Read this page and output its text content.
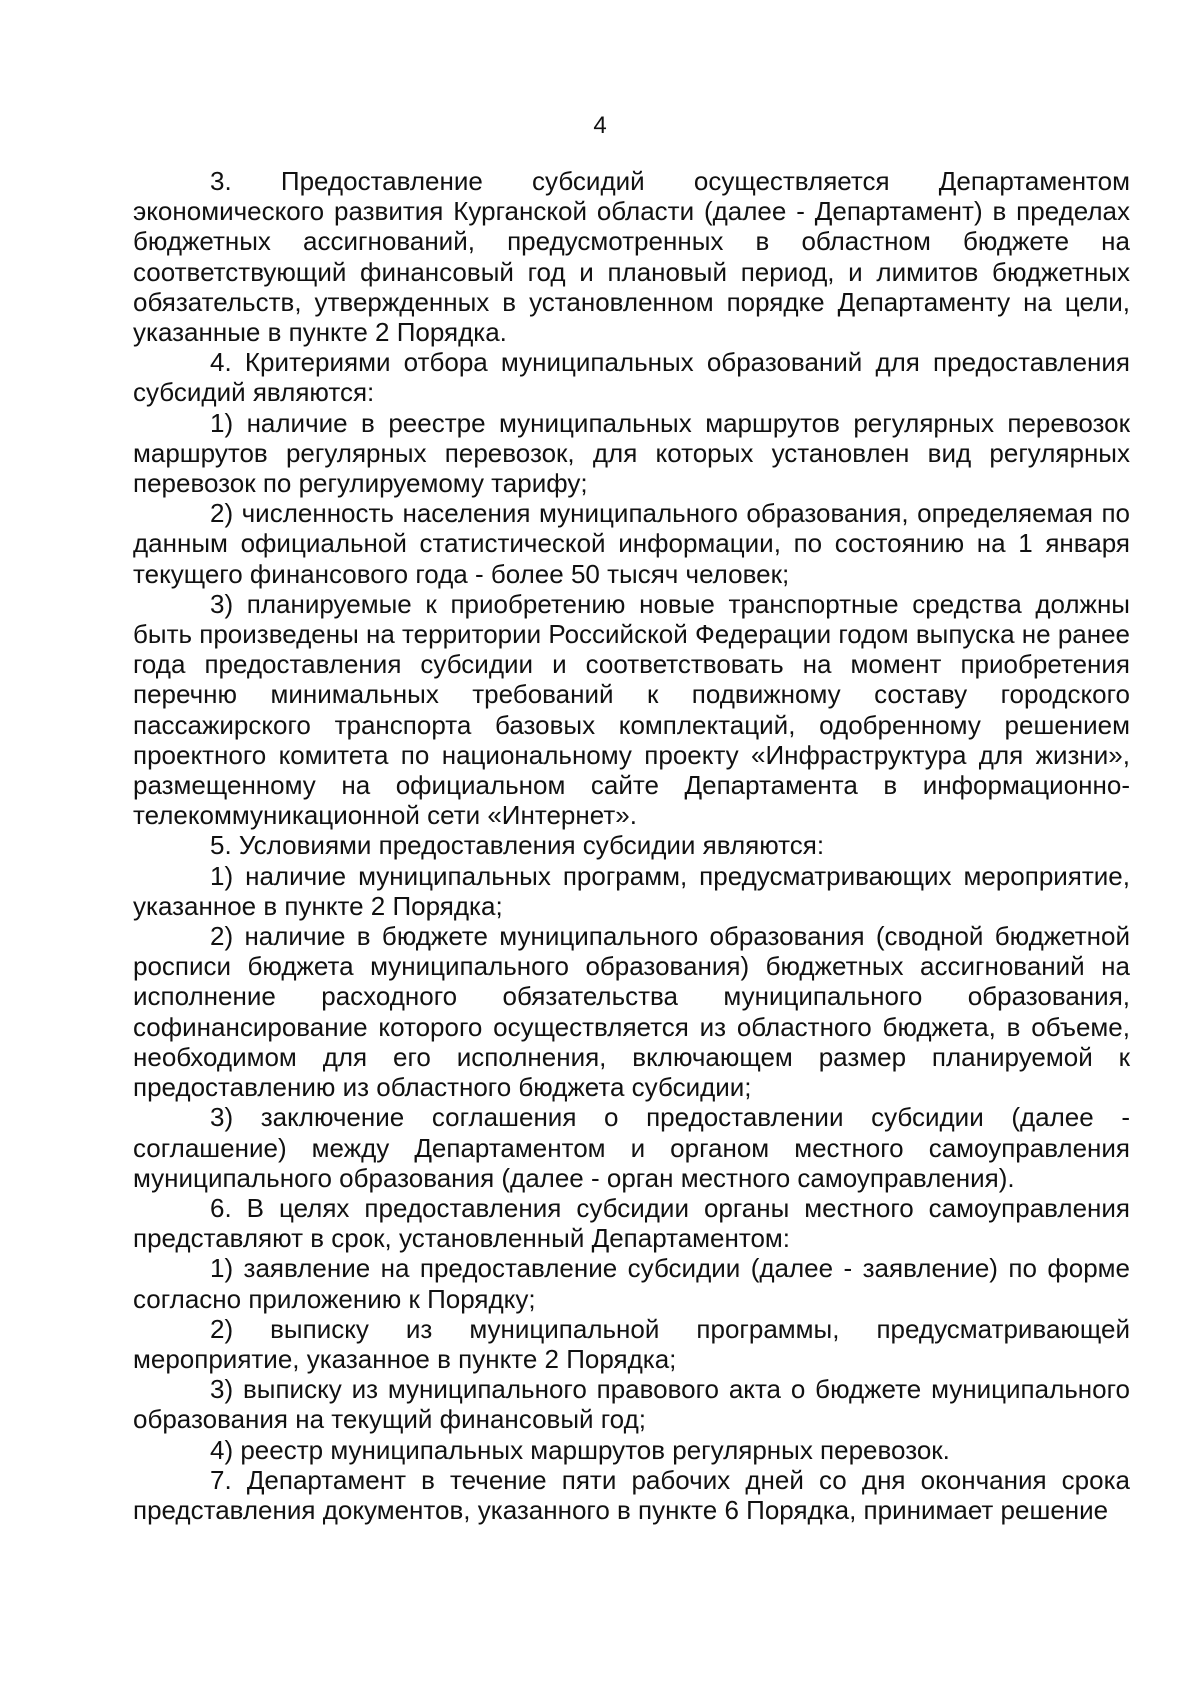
4

3. Предоставление субсидий осуществляется Департаментом экономического развития Курганской области (далее - Департамент) в пределах бюджетных ассигнований, предусмотренных в областном бюджете на соответствующий финансовый год и плановый период, и лимитов бюджетных обязательств, утвержденных в установленном порядке Департаменту на цели, указанные в пункте 2 Порядка.

4. Критериями отбора муниципальных образований для предоставления субсидий являются:

1) наличие в реестре муниципальных маршрутов регулярных перевозок маршрутов регулярных перевозок, для которых установлен вид регулярных перевозок по регулируемому тарифу;

2) численность населения муниципального образования, определяемая по данным официальной статистической информации, по состоянию на 1 января текущего финансового года - более 50 тысяч человек;

3) планируемые к приобретению новые транспортные средства должны быть произведены на территории Российской Федерации годом выпуска не ранее года предоставления субсидии и соответствовать на момент приобретения перечню минимальных требований к подвижному составу городского пассажирского транспорта базовых комплектаций, одобренному решением проектного комитета по национальному проекту «Инфраструктура для жизни», размещенному на официальном сайте Департамента в информационно-телекоммуникационной сети «Интернет».

5. Условиями предоставления субсидии являются:

1) наличие муниципальных программ, предусматривающих мероприятие, указанное в пункте 2 Порядка;

2) наличие в бюджете муниципального образования (сводной бюджетной росписи бюджета муниципального образования) бюджетных ассигнований на исполнение расходного обязательства муниципального образования, софинансирование которого осуществляется из областного бюджета, в объеме, необходимом для его исполнения, включающем размер планируемой к предоставлению из областного бюджета субсидии;

3) заключение соглашения о предоставлении субсидии (далее - соглашение) между Департаментом и органом местного самоуправления муниципального образования (далее - орган местного самоуправления).

6. В целях предоставления субсидии органы местного самоуправления представляют в срок, установленный Департаментом:

1) заявление на предоставление субсидии (далее - заявление) по форме согласно приложению к Порядку;

2) выписку из муниципальной программы, предусматривающей мероприятие, указанное в пункте 2 Порядка;

3) выписку из муниципального правового акта о бюджете муниципального образования на текущий финансовый год;

4) реестр муниципальных маршрутов регулярных перевозок.

7. Департамент в течение пяти рабочих дней со дня окончания срока представления документов, указанного в пункте 6 Порядка, принимает решение
